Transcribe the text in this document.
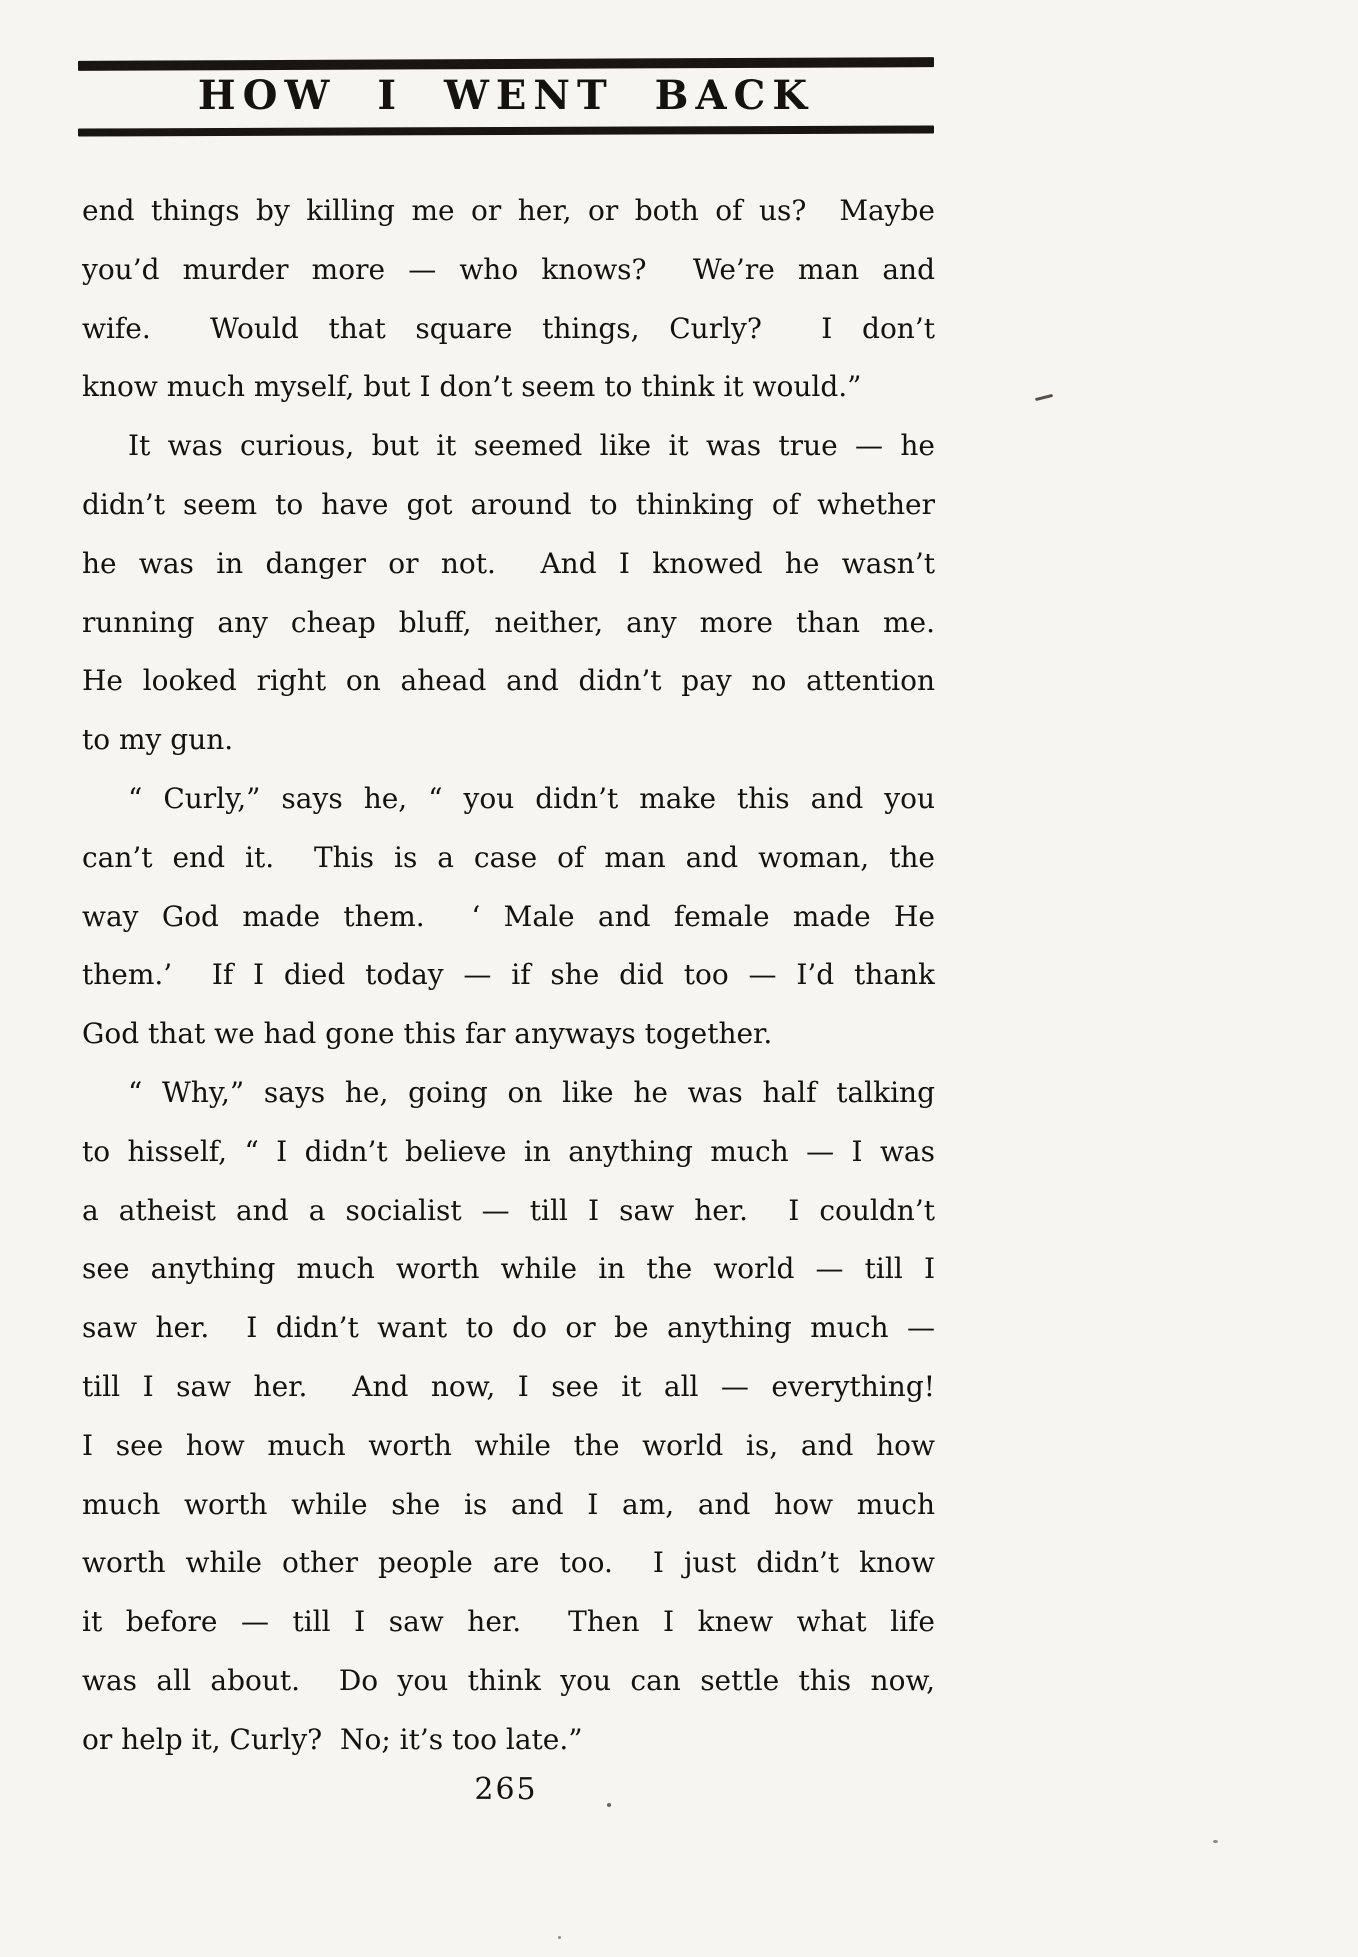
HOW I WENT BACK
end things by killing me or her, or both of us?  Maybe
you’d murder more — who knows?  We’re man and
wife.  Would that square things, Curly?  I don’t
know much myself, but I don’t seem to think it would.”
It was curious, but it seemed like it was true — he
didn’t seem to have got around to thinking of whether
he was in danger or not.  And I knowed he wasn’t
running any cheap bluff, neither, any more than me.
He looked right on ahead and didn’t pay no attention
to my gun.
“ Curly,” says he, “ you didn’t make this and you
can’t end it.  This is a case of man and woman, the
way God made them.  ‘ Male and female made He
them.’  If I died today — if she did too — I’d thank
God that we had gone this far anyways together.
“ Why,” says he, going on like he was half talking
to hisself, “ I didn’t believe in anything much — I was
a atheist and a socialist — till I saw her.  I couldn’t
see anything much worth while in the world — till I
saw her.  I didn’t want to do or be anything much —
till I saw her.  And now, I see it all — everything!
I see how much worth while the world is, and how
much worth while she is and I am, and how much
worth while other people are too.  I just didn’t know
it before — till I saw her.  Then I knew what life
was all about.  Do you think you can settle this now,
or help it, Curly?  No; it’s too late.”
265
